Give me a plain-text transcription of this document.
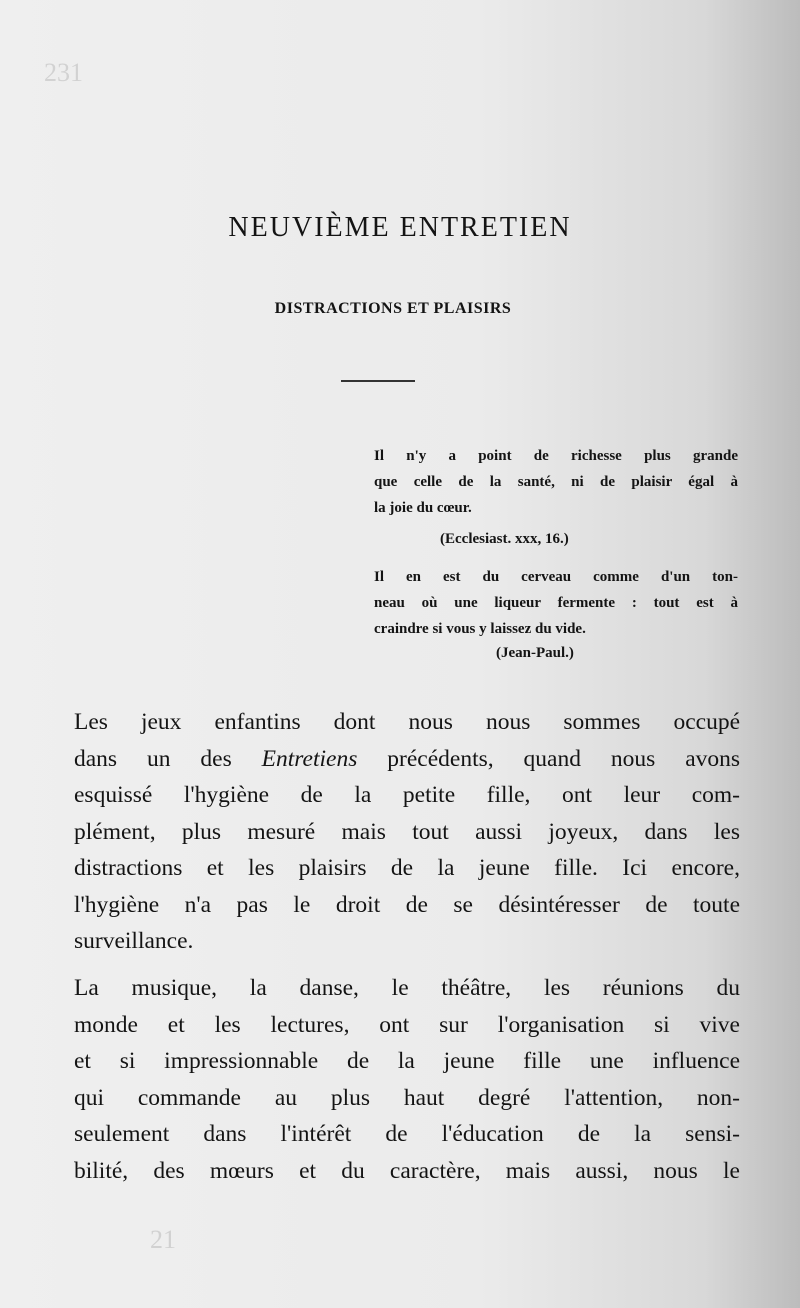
231
NEUVIÈME ENTRETIEN
DISTRACTIONS ET PLAISIRS
Il n'y a point de richesse plus grande
que celle de la santé, ni de plaisir égal à
la joie du cœur.
(Ecclesiast. xxx, 16.)
Il en est du cerveau comme d'un ton-
neau où une liqueur fermente : tout est à
craindre si vous y laissez du vide.
(Jean-Paul.)
Les jeux enfantins dont nous nous sommes occupé
dans un des Entretiens précédents, quand nous avons
esquissé l'hygiène de la petite fille, ont leur com-
plément, plus mesuré mais tout aussi joyeux, dans les
distractions et les plaisirs de la jeune fille. Ici encore,
l'hygiène n'a pas le droit de se désintéresser de toute
surveillance.
La musique, la danse, le théâtre, les réunions du
monde et les lectures, ont sur l'organisation si vive
et si impressionnable de la jeune fille une influence
qui commande au plus haut degré l'attention, non-
seulement dans l'intérêt de l'éducation de la sensi-
bilité, des mœurs et du caractère, mais aussi, nous le
21
